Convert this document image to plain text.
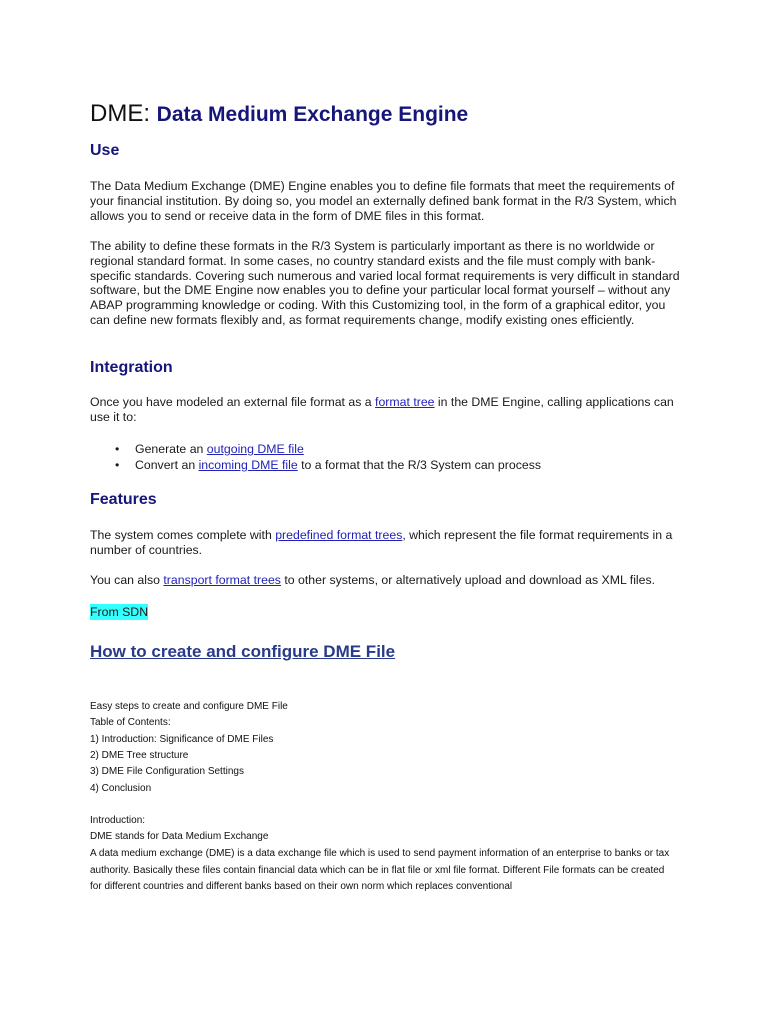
DME: Data Medium Exchange Engine
Use

The Data Medium Exchange (DME) Engine enables you to define file formats that meet the requirements of your financial institution. By doing so, you model an externally defined bank format in the R/3 System, which allows you to send or receive data in the form of DME files in this format.

The ability to define these formats in the R/3 System is particularly important as there is no worldwide or regional standard format. In some cases, no country standard exists and the file must comply with bank-specific standards. Covering such numerous and varied local format requirements is very difficult in standard software, but the DME Engine now enables you to define your particular local format yourself – without any ABAP programming knowledge or coding. With this Customizing tool, in the form of a graphical editor, you can define new formats flexibly and, as format requirements change, modify existing ones efficiently.

Integration

Once you have modeled an external file format as a format tree in the DME Engine, calling applications can use it to:

• Generate an outgoing DME file

• Convert an incoming DME file to a format that the R/3 System can process

Features

The system comes complete with predefined format trees, which represent the file format requirements in a number of countries.

You can also transport format trees to other systems, or alternatively upload and download as XML files.

From SDN

How to create and configure DME File

Easy steps to create and configure DME File

Table of Contents:

1) Introduction: Significance of DME Files

2) DME Tree structure

3) DME File Configuration Settings

4) Conclusion

Introduction:

DME stands for Data Medium Exchange

A data medium exchange (DME) is a data exchange file which is used to send payment information of an enterprise to banks or tax authority. Basically these files contain financial data which can be in flat file or xml file format. Different File formats can be created for different countries and different banks based on their own norm which replaces conventional
